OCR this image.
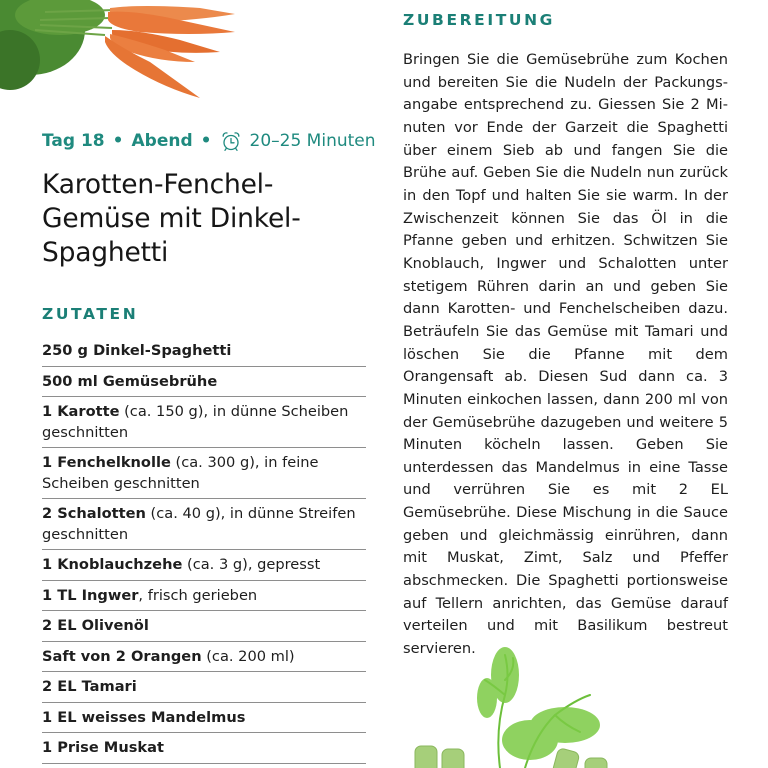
Tag 18 • Abend • 20–25 Minuten
Karotten-Fenchel-
Gemüse mit Dinkel-
Spaghetti
ZUTATEN
250 g Dinkel-Spaghetti
500 ml Gemüsebrühe
1 Karotte (ca. 150 g), in dünne Scheiben geschnitten
1 Fenchelknolle (ca. 300 g), in feine Scheiben geschnitten
2 Schalotten (ca. 40 g), in dünne Streifen geschnitten
1 Knoblauchzehe (ca. 3 g), gepresst
1 TL Ingwer, frisch gerieben
2 EL Olivenöl
Saft von 2 Orangen (ca. 200 ml)
2 EL Tamari
1 EL weisses Mandelmus
1 Prise Muskat
ZUBEREITUNG

Bringen Sie die Gemüsebrühe zum Kochen und bereiten Sie die Nudeln der Packungsangabe entsprechend zu. Giessen Sie 2 Minuten vor Ende der Garzeit die Spaghetti über einem Sieb ab und fangen Sie die Brühe auf. Geben Sie die Nudeln nun zurück in den Topf und halten Sie sie warm. In der Zwischenzeit können Sie das Öl in die Pfanne geben und erhitzen. Schwitzen Sie Knoblauch, Ingwer und Schalotten unter stetigem Rühren darin an und geben Sie dann Karotten- und Fenchelscheiben dazu. Beträufeln Sie das Gemüse mit Tamari und löschen Sie die Pfanne mit dem Orangensaft ab. Diesen Sud dann ca. 3 Minuten einkochen lassen, dann 200 ml von der Gemüsebrühe dazugeben und weitere 5 Minuten köcheln lassen. Geben Sie unterdessen das Mandelmus in eine Tasse und verrühren Sie es mit 2 EL Gemüsebrühe. Diese Mischung in die Sauce geben und gleichmässig einrühren, dann mit Muskat, Zimt, Salz und Pfeffer abschmecken. Die Spaghetti portionsweise auf Tellern anrichten, das Gemüse darauf verteilen und mit Basilikum bestreut servieren.
